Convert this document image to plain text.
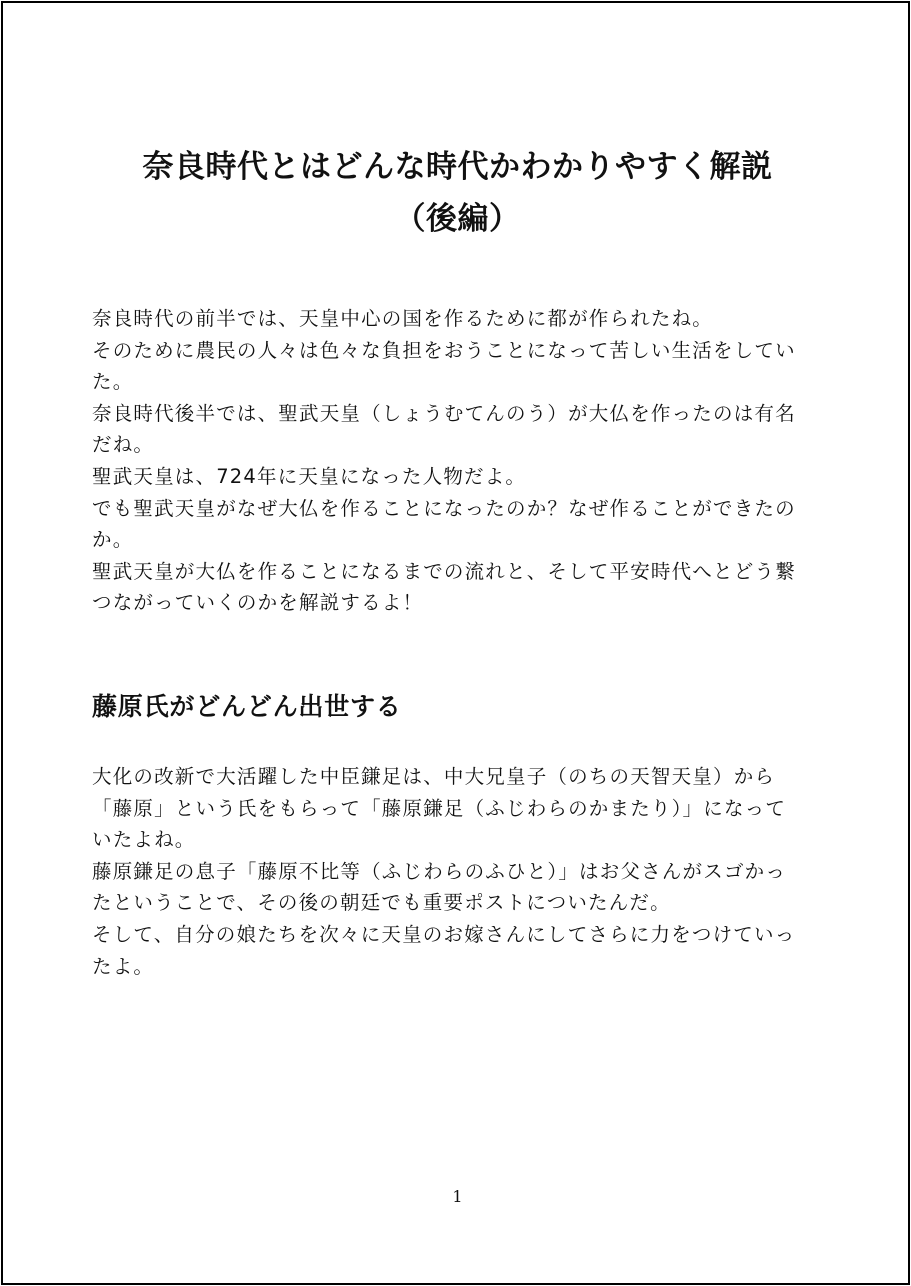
奈良時代とはどんな時代かわかりやすく解説
（後編）
奈良時代の前半では、天皇中心の国を作るために都が作られたね。
そのために農民の人々は色々な負担をおうことになって苦しい生活をしてい
た。
奈良時代後半では、聖武天皇（しょうむてんのう）が大仏を作ったのは有名
だね。
聖武天皇は、724年に天皇になった人物だよ。
でも聖武天皇がなぜ大仏を作ることになったのか？なぜ作ることができたの
か。
聖武天皇が大仏を作ることになるまでの流れと、そして平安時代へとどう繋
つながっていくのかを解説するよ！
藤原氏がどんどん出世する
大化の改新で大活躍した中臣鎌足は、中大兄皇子（のちの天智天皇）から
「藤原」という氏をもらって「藤原鎌足（ふじわらのかまたり）」になって
いたよね。
藤原鎌足の息子「藤原不比等（ふじわらのふひと）」はお父さんがスゴかっ
たということで、その後の朝廷でも重要ポストについたんだ。
そして、自分の娘たちを次々に天皇のお嫁さんにしてさらに力をつけていっ
たよ。
1
